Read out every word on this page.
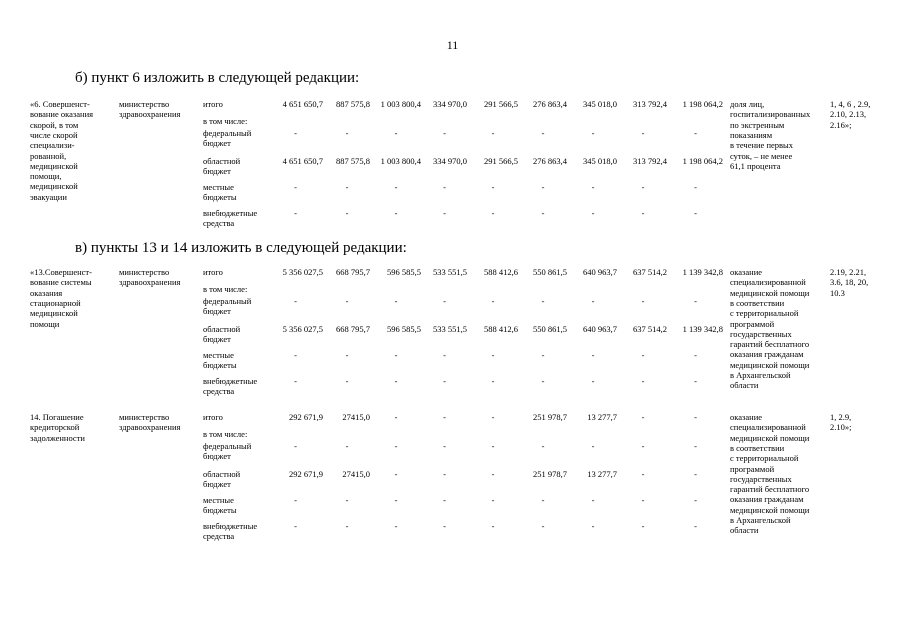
11
б) пункт 6 изложить в следующей редакции:
«6. Совершенст-
вование оказания
скорой, в том
числе скорой
специализи-
рованной,
медицинской
помощи,
медицинской
эвакуации
министерство
здравоохранения
итого	4 651 650,7	887 575,8	1 003 800,4	334 970,0	291 566,5	276 863,4	345 018,0	313 792,4	1 198 064,2
в том числе:
федеральный
бюджет
-	-	-	-	-	-	-	-	-
областной
бюджет
4 651 650,7	887 575,8	1 003 800,4	334 970,0	291 566,5	276 863,4	345 018,0	313 792,4	1 198 064,2
местные
бюджеты
-	-	-	-	-	-	-	-	-
внебюджетные
средства
-	-	-	-	-	-	-	-	-
доля лиц,
госпитализированных
по экстренным
показаниям
в течение первых
суток, – не менее
61,1 процента
1, 4, 6 , 2.9,
2.10, 2.13,
2.16»;
в) пункты 13 и 14 изложить в следующей редакции:
«13.Совершенст-
вование системы
оказания
стационарной
медицинской
помощи
министерство
здравоохранения
итого	5 356 027,5	668 795,7	596 585,5	533 551,5	588 412,6	550 861,5	640 963,7	637 514,2	1 139 342,8
в том числе:
федеральный
бюджет
-	-	-	-	-	-	-	-	-
областной
бюджет
5 356 027,5	668 795,7	596 585,5	533 551,5	588 412,6	550 861,5	640 963,7	637 514,2	1 139 342,8
местные
бюджеты
-	-	-	-	-	-	-	-	-
внебюджетные
средства
-	-	-	-	-	-	-	-	-
оказание
специализированной
медицинской помощи
в соответствии
с территориальной
программой
государственных
гарантий бесплатного
оказания гражданам
медицинской помощи
в Архангельской
области
2.19, 2.21,
3.6, 18, 20,
10.3
14. Погашение
кредиторской
задолженности
министерство
здравоохранения
итого	292 671,9	27415,0	-	-	-	251 978,7	13 277,7	-	-
в том числе:
федеральный
бюджет
-	-	-	-	-	-	-	-	-
областной
бюджет
292 671,9	27415,0	-	-	-	251 978,7	13 277,7	-	-
местные
бюджеты
-	-	-	-	-	-	-	-	-
внебюджетные
средства
-	-	-	-	-	-	-	-	-
оказание
специализированной
медицинской помощи
в соответствии
с территориальной
программой
государственных
гарантий бесплатного
оказания гражданам
медицинской помощи
в Архангельской
области
1, 2.9,
2.10»;
